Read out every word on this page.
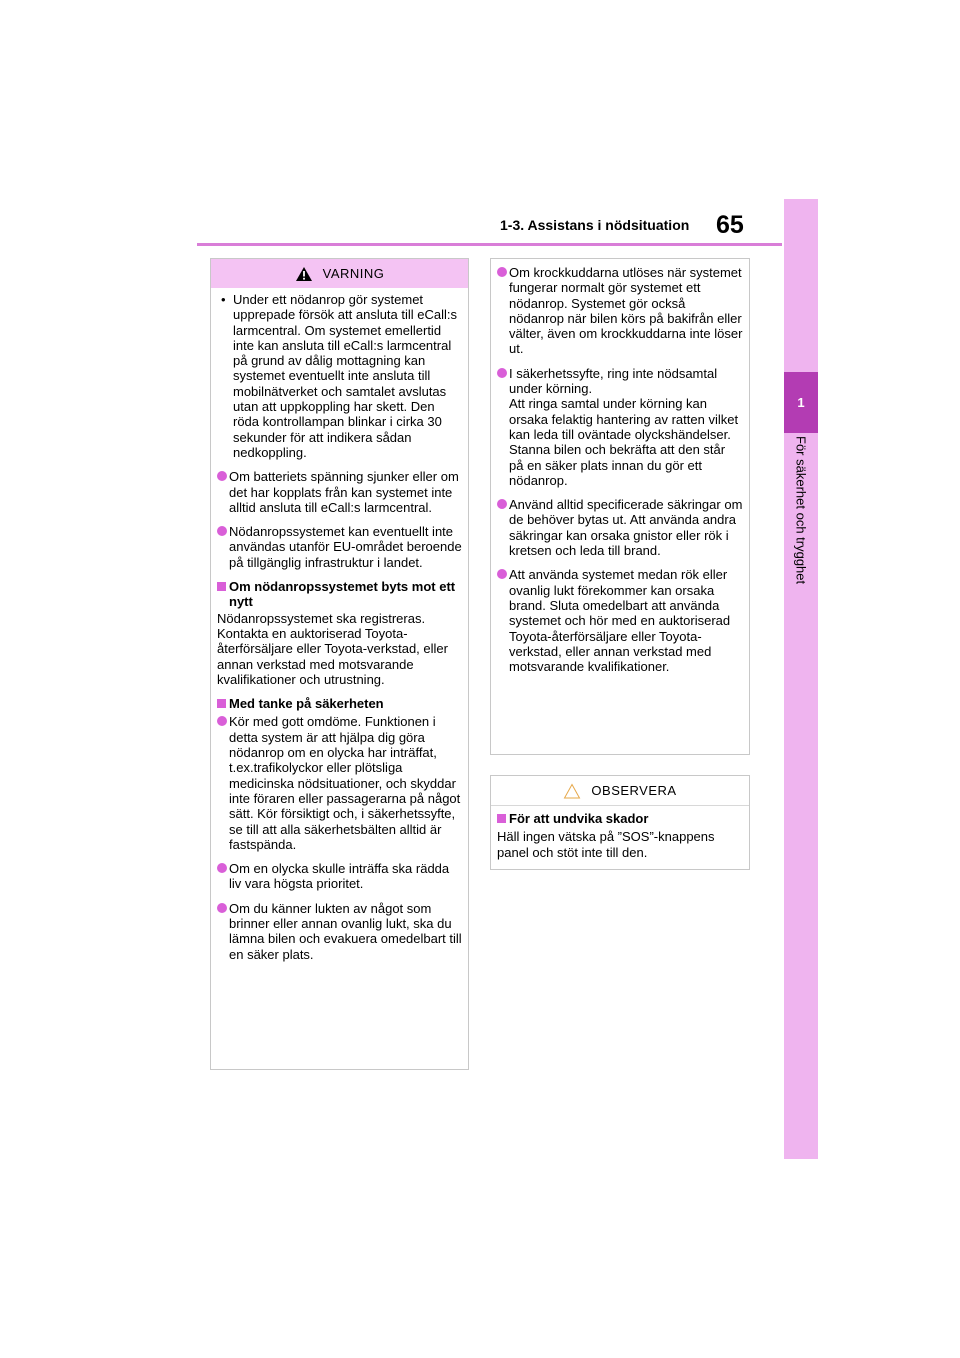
1-3. Assistans i nödsituation 65
1
För säkerhet och trygghet
VARNING
• Under ett nödanrop gör systemet upprepade försök att ansluta till eCall:s larmcentral. Om systemet emellertid inte kan ansluta till eCall:s larmcentral på grund av dålig mottagning kan systemet eventuellt inte ansluta till mobilnätverket och samtalet avslutas utan att uppkoppling har skett. Den röda kontrollampan blinkar i cirka 30 sekunder för att indikera sådan nedkoppling.
Om batteriets spänning sjunker eller om det har kopplats från kan systemet inte alltid ansluta till eCall:s larmcentral.
Nödanropssystemet kan eventuellt inte användas utanför EU-området beroende på tillgänglig infrastruktur i landet.
Om nödanropssystemet byts mot ett nytt
Nödanropssystemet ska registreras. Kontakta en auktoriserad Toyota-återförsäljare eller Toyota-verkstad, eller annan verkstad med motsvarande kvalifikationer och utrustning.
Med tanke på säkerheten
Kör med gott omdöme. Funktionen i detta system är att hjälpa dig göra nödanrop om en olycka har inträffat, t.ex.trafikolyckor eller plötsliga medicinska nödsituationer, och skyddar inte föraren eller passagerarna på något sätt. Kör försiktigt och, i säkerhetssyfte, se till att alla säkerhetsbälten alltid är fastspända.
Om en olycka skulle inträffa ska rädda liv vara högsta prioritet.
Om du känner lukten av något som brinner eller annan ovanlig lukt, ska du lämna bilen och evakuera omedelbart till en säker plats.
Om krockkuddarna utlöses när systemet fungerar normalt gör systemet ett nödanrop. Systemet gör också nödanrop när bilen körs på bakifrån eller välter, även om krockkuddarna inte löser ut.
I säkerhetssyfte, ring inte nödsamtal under körning.
Att ringa samtal under körning kan orsaka felaktig hantering av ratten vilket kan leda till oväntade olyckshändelser.
Stanna bilen och bekräfta att den står på en säker plats innan du gör ett nödanrop.
Använd alltid specificerade säkringar om de behöver bytas ut. Att använda andra säkringar kan orsaka gnistor eller rök i kretsen och leda till brand.
Att använda systemet medan rök eller ovanlig lukt förekommer kan orsaka brand. Sluta omedelbart att använda systemet och hör med en auktoriserad Toyota-återförsäljare eller Toyota-verkstad, eller annan verkstad med motsvarande kvalifikationer.
OBSERVERA
För att undvika skador
Häll ingen vätska på ”SOS”-knappens panel och stöt inte till den.
